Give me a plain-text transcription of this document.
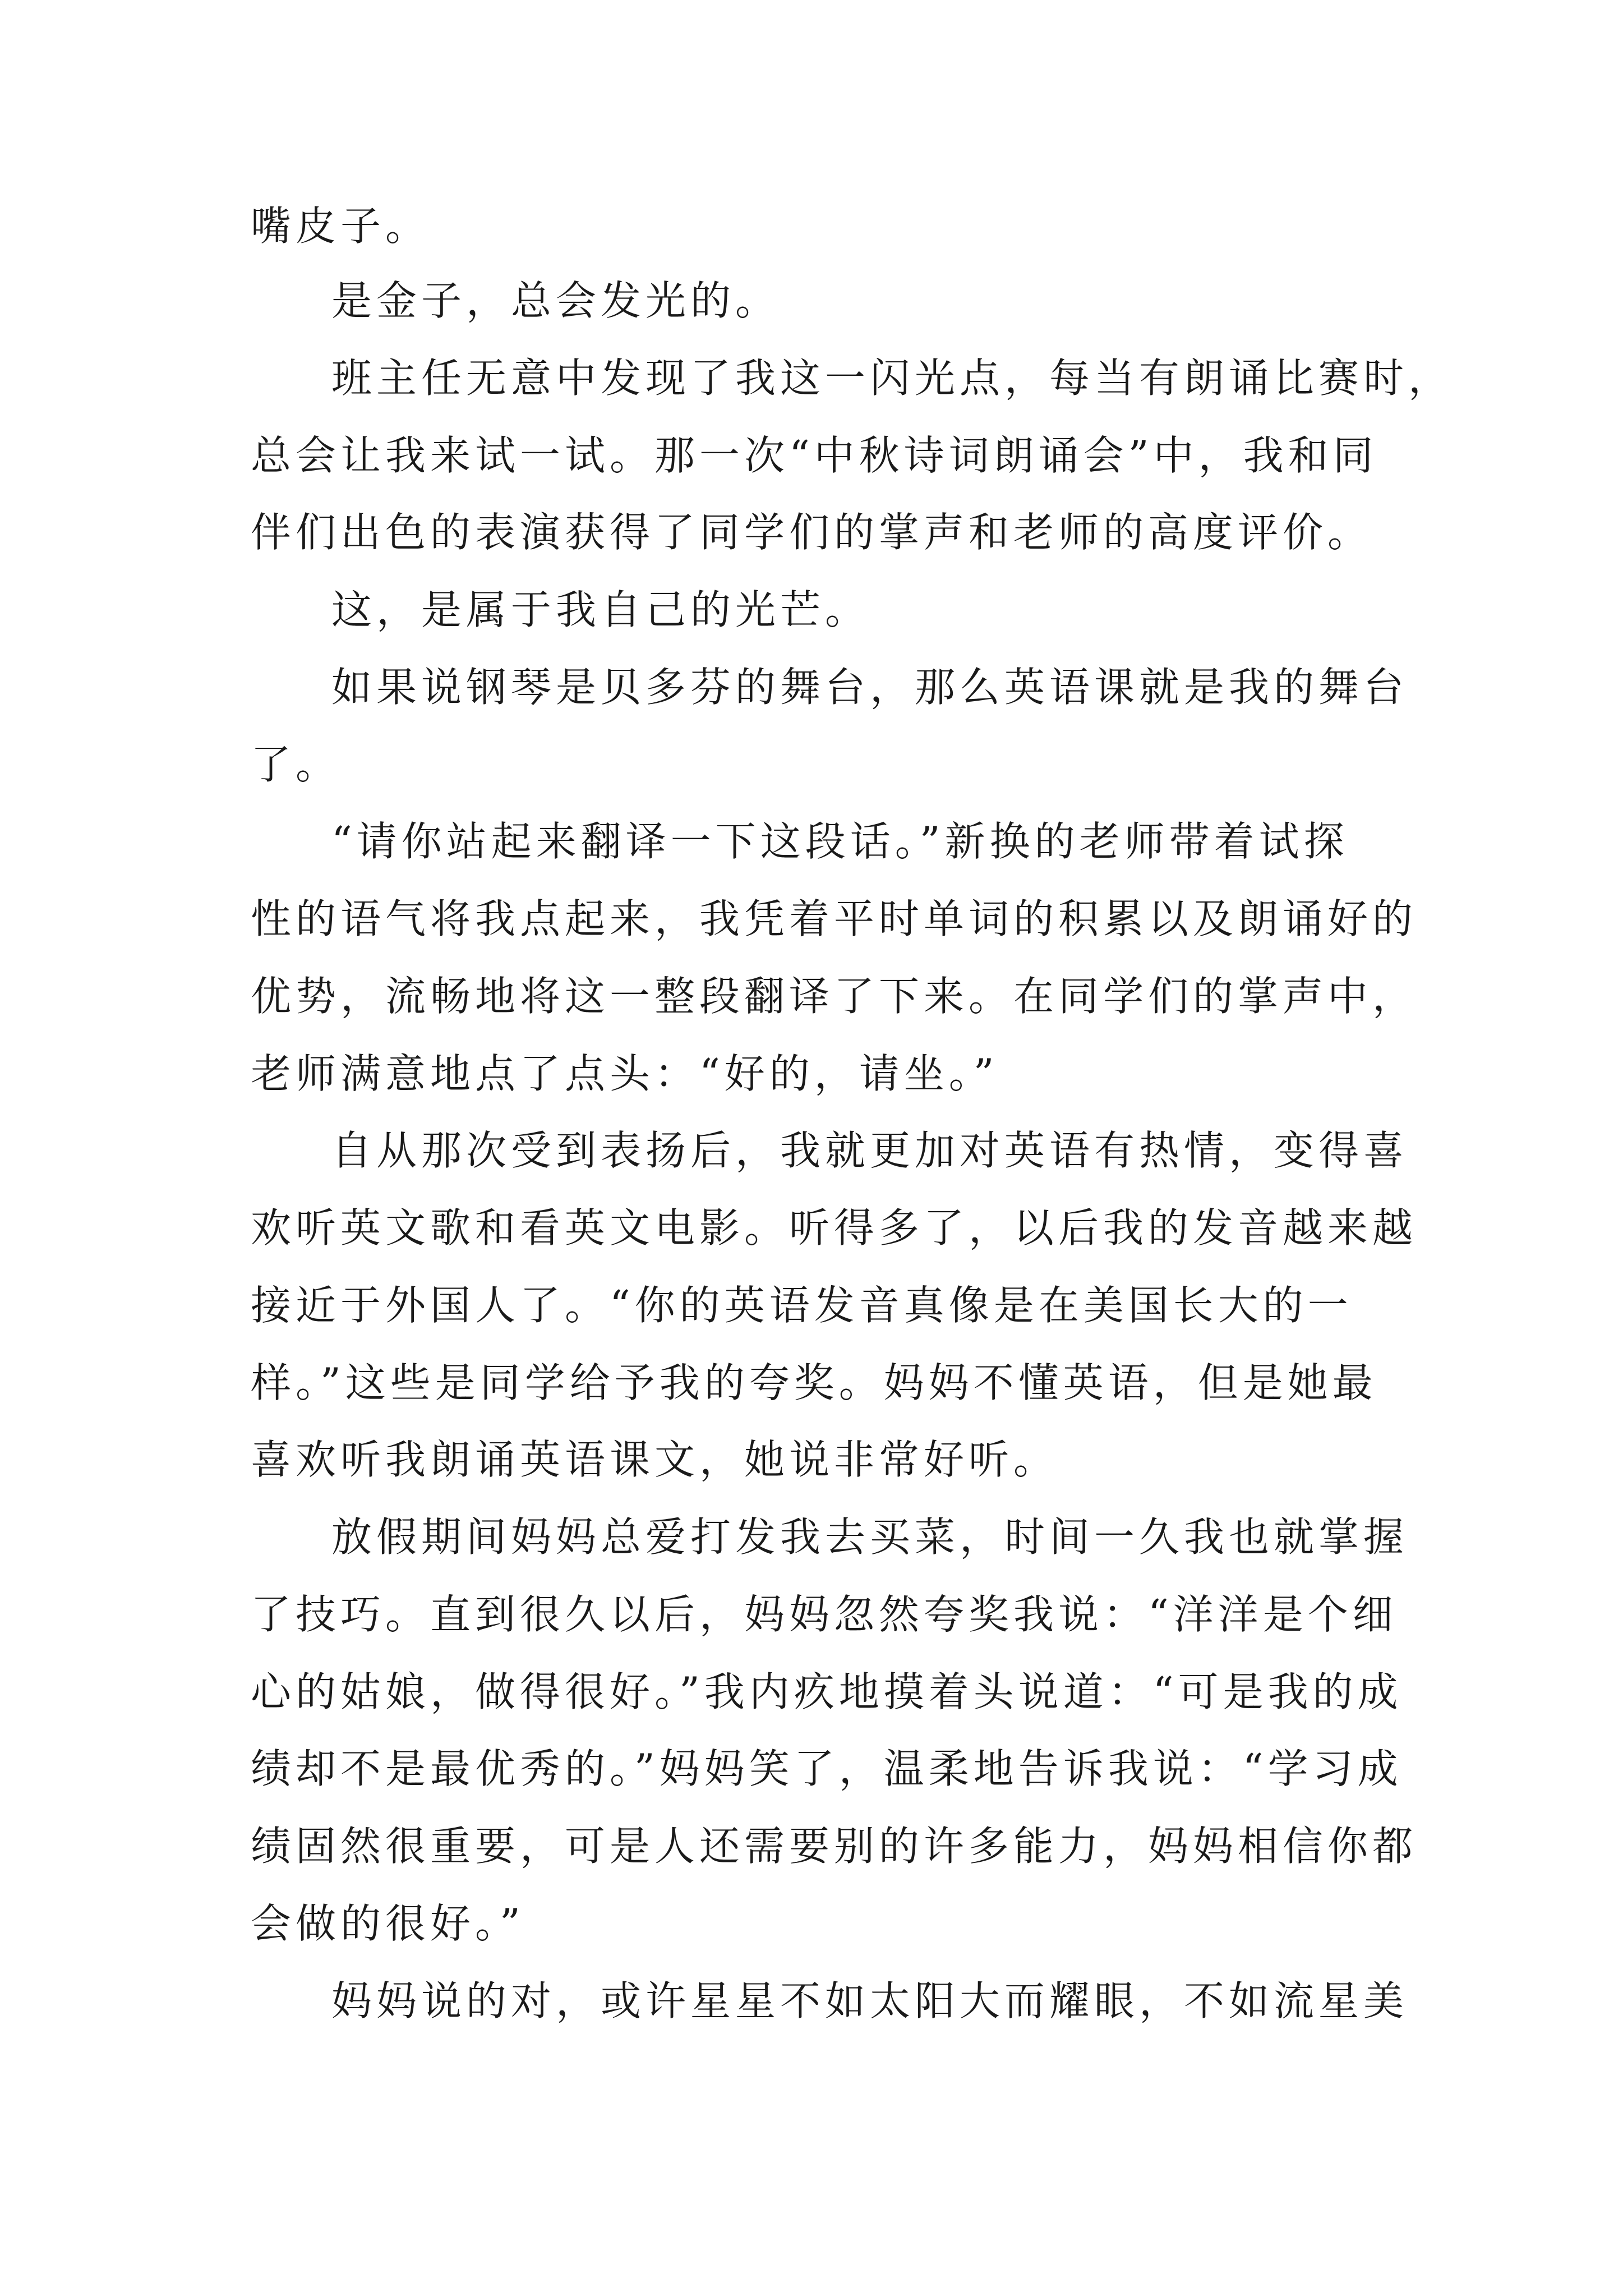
嘴皮子。
是金子，总会发光的。
班主任无意中发现了我这一闪光点，每当有朗诵比赛时，
总会让我来试一试。那一次“中秋诗词朗诵会”中，我和同
伴们出色的表演获得了同学们的掌声和老师的高度评价。
这，是属于我自己的光芒。
如果说钢琴是贝多芬的舞台，那么英语课就是我的舞台
了。
“请你站起来翻译一下这段话。”新换的老师带着试探
性的语气将我点起来，我凭着平时单词的积累以及朗诵好的
优势，流畅地将这一整段翻译了下来。在同学们的掌声中，
老师满意地点了点头：“好的，请坐。”
自从那次受到表扬后，我就更加对英语有热情，变得喜
欢听英文歌和看英文电影。听得多了，以后我的发音越来越
接近于外国人了。“你的英语发音真像是在美国长大的一
样。”这些是同学给予我的夸奖。妈妈不懂英语，但是她最
喜欢听我朗诵英语课文，她说非常好听。
放假期间妈妈总爱打发我去买菜，时间一久我也就掌握
了技巧。直到很久以后，妈妈忽然夸奖我说：“洋洋是个细
心的姑娘，做得很好。”我内疚地摸着头说道：“可是我的成
绩却不是最优秀的。”妈妈笑了，温柔地告诉我说：“学习成
绩固然很重要，可是人还需要别的许多能力，妈妈相信你都
会做的很好。”
妈妈说的对，或许星星不如太阳大而耀眼，不如流星美
